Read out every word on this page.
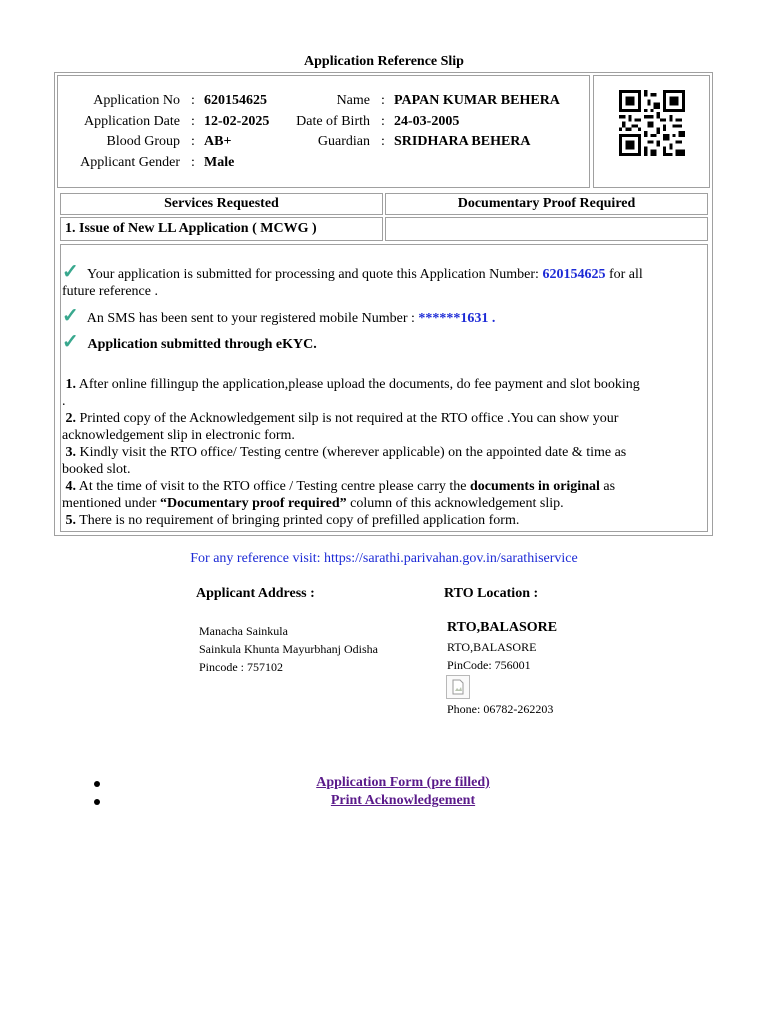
Application Reference Slip
Application No : 620154625
Application Date : 12-02-2025
Blood Group : AB+
Applicant Gender : Male
Name : PAPAN KUMAR BEHERA
Date of Birth : 24-03-2005
Guardian : SRIDHARA BEHERA
Services Requested	Documentary Proof Required
1. Issue of New LL Application ( MCWG )
✓ Your application is submitted for processing and quote this Application Number: 620154625 for all
future reference .
✓ An SMS has been sent to your registered mobile Number : ******1631 .
✓ Application submitted through eKYC.
1. After online fillingup the application,please upload the documents, do fee payment and slot booking
.
2. Printed copy of the Acknowledgement silp is not required at the RTO office .You can show your
acknowledgement slip in electronic form.
3. Kindly visit the RTO office/ Testing centre (wherever applicable) on the appointed date & time as
booked slot.
4. At the time of visit to the RTO office / Testing centre please carry the documents in original as
mentioned under “Documentary proof required” column of this acknowledgement slip.
5. There is no requirement of bringing printed copy of prefilled application form.
For any reference visit: https://sarathi.parivahan.gov.in/sarathiservice
Applicant Address :
Manacha Sainkula
Sainkula Khunta Mayurbhanj Odisha
Pincode : 757102
RTO Location :
RTO,BALASORE
RTO,BALASORE
PinCode: 756001
Phone: 06782-262203
Application Form (pre filled)
Print Acknowledgement
